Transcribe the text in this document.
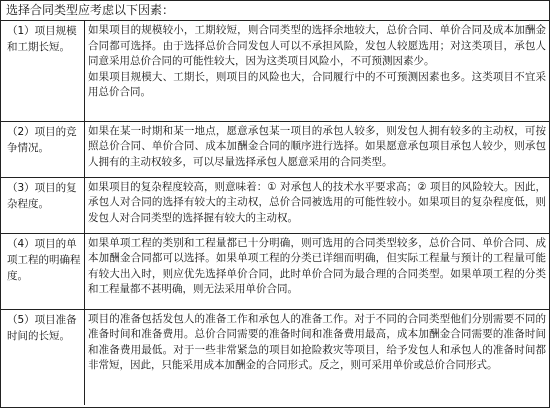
选择合同类型应考虑以下因素：
（1）项目规模和工期长短。	如果项目的规模较小，工期较短，则合同类型的选择余地较大，总价合同、单价合同及成本加酬金合同都可选择。由于选择总价合同发包人可以不承担风险，发包人较愿选用；对这类项目，承包人同意采用总价合同的可能性较大，因为这类项目风险小，不可预测因素少。
如果项目规模大、工期长，则项目的风险也大，合同履行中的不可预测因素也多。这类项目不宜采用总价合同。

（2）项目的竞争情况。	如果在某一时期和某一地点，愿意承包某一项目的承包人较多，则发包人拥有较多的主动权，可按照总价合同、单价合同、成本加酬金合同的顺序进行选择。如果愿意承包项目承包人较少，则承包人拥有的主动权较多，可以尽量选择承包人愿意采用的合同类型。

（3）项目的复杂程度。	如果项目的复杂程度较高，则意味着：① 对承包人的技术水平要求高；② 项目的风险较大。因此，承包人对合同的选择有较大的主动权，总价合同被选用的可能性较小。如果项目的复杂程度低，则发包人对合同类型的选择握有较大的主动权。

（4）项目的单项工程的明确程度。	如果单项工程的类别和工程量都已十分明确，则可选用的合同类型较多，总价合同、单价合同、成本加酬金合同都可以选择。如果单项工程的分类已详细而明确，但实际工程量与预计的工程量可能有较大出入时，则应优先选择单价合同，此时单价合同为最合理的合同类型。如果单项工程的分类和工程量都不甚明确，则无法采用单价合同。

（5）项目准备时间的长短。	项目的准备包括发包人的准备工作和承包人的准备工作。对于不同的合同类型他们分别需要不同的准备时间和准备费用。总价合同需要的准备时间和准备费用最高，成本加酬金合同需要的准备时间和准备费用最低。对于一些非常紧急的项目如抢险救灾等项目，给予发包人和承包人的准备时间都非常短，因此，只能采用成本加酬金的合同形式。反之，则可采用单价或总价合同形式。
